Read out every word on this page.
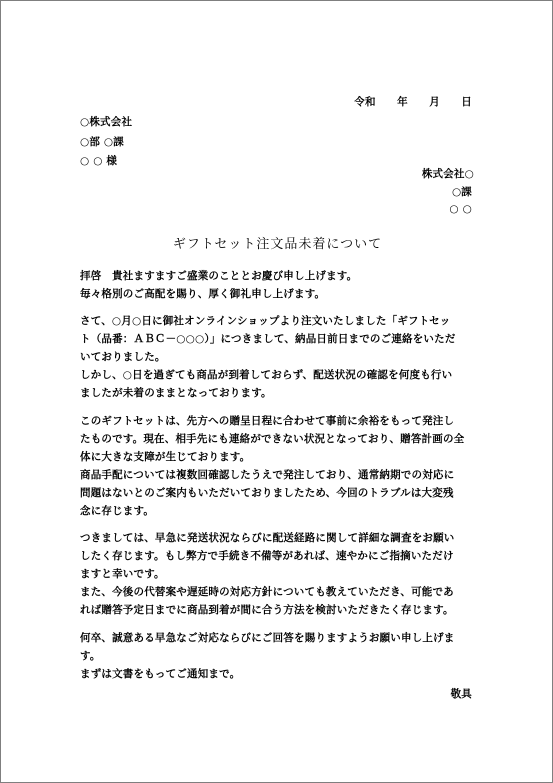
令和　　年　　月　　日
○株式会社
○部 ○課
○ ○ 様
株式会社○
○課
○ ○
ギフトセット注文品未着について
拝啓　貴社ますますご盛業のこととお慶び申し上げます。
毎々格別のご高配を賜り、厚く御礼申し上げます。
さて、○月○日に御社オンラインショップより注文いたしました「ギフトセッ
ト（品番：ＡＢＣ－○○○）」につきまして、納品日前日までのご連絡をいただ
いておりました。
しかし、○日を過ぎても商品が到着しておらず、配送状況の確認を何度も行い
ましたが未着のままとなっております。
このギフトセットは、先方への贈呈日程に合わせて事前に余裕をもって発注し
たものです。現在、相手先にも連絡ができない状況となっており、贈答計画の全
体に大きな支障が生じております。
商品手配については複数回確認したうえで発注しており、通常納期での対応に
問題はないとのご案内もいただいておりましたため、今回のトラブルは大変残
念に存じます。
つきましては、早急に発送状況ならびに配送経路に関して詳細な調査をお願い
したく存じます。もし弊方で手続き不備等があれば、速やかにご指摘いただけ
ますと幸いです。
また、今後の代替案や遅延時の対応方針についても教えていただき、可能であ
れば贈答予定日までに商品到着が間に合う方法を検討いただきたく存じます。
何卒、誠意ある早急なご対応ならびにご回答を賜りますようお願い申し上げま
す。
まずは文書をもってご通知まで。
敬具
